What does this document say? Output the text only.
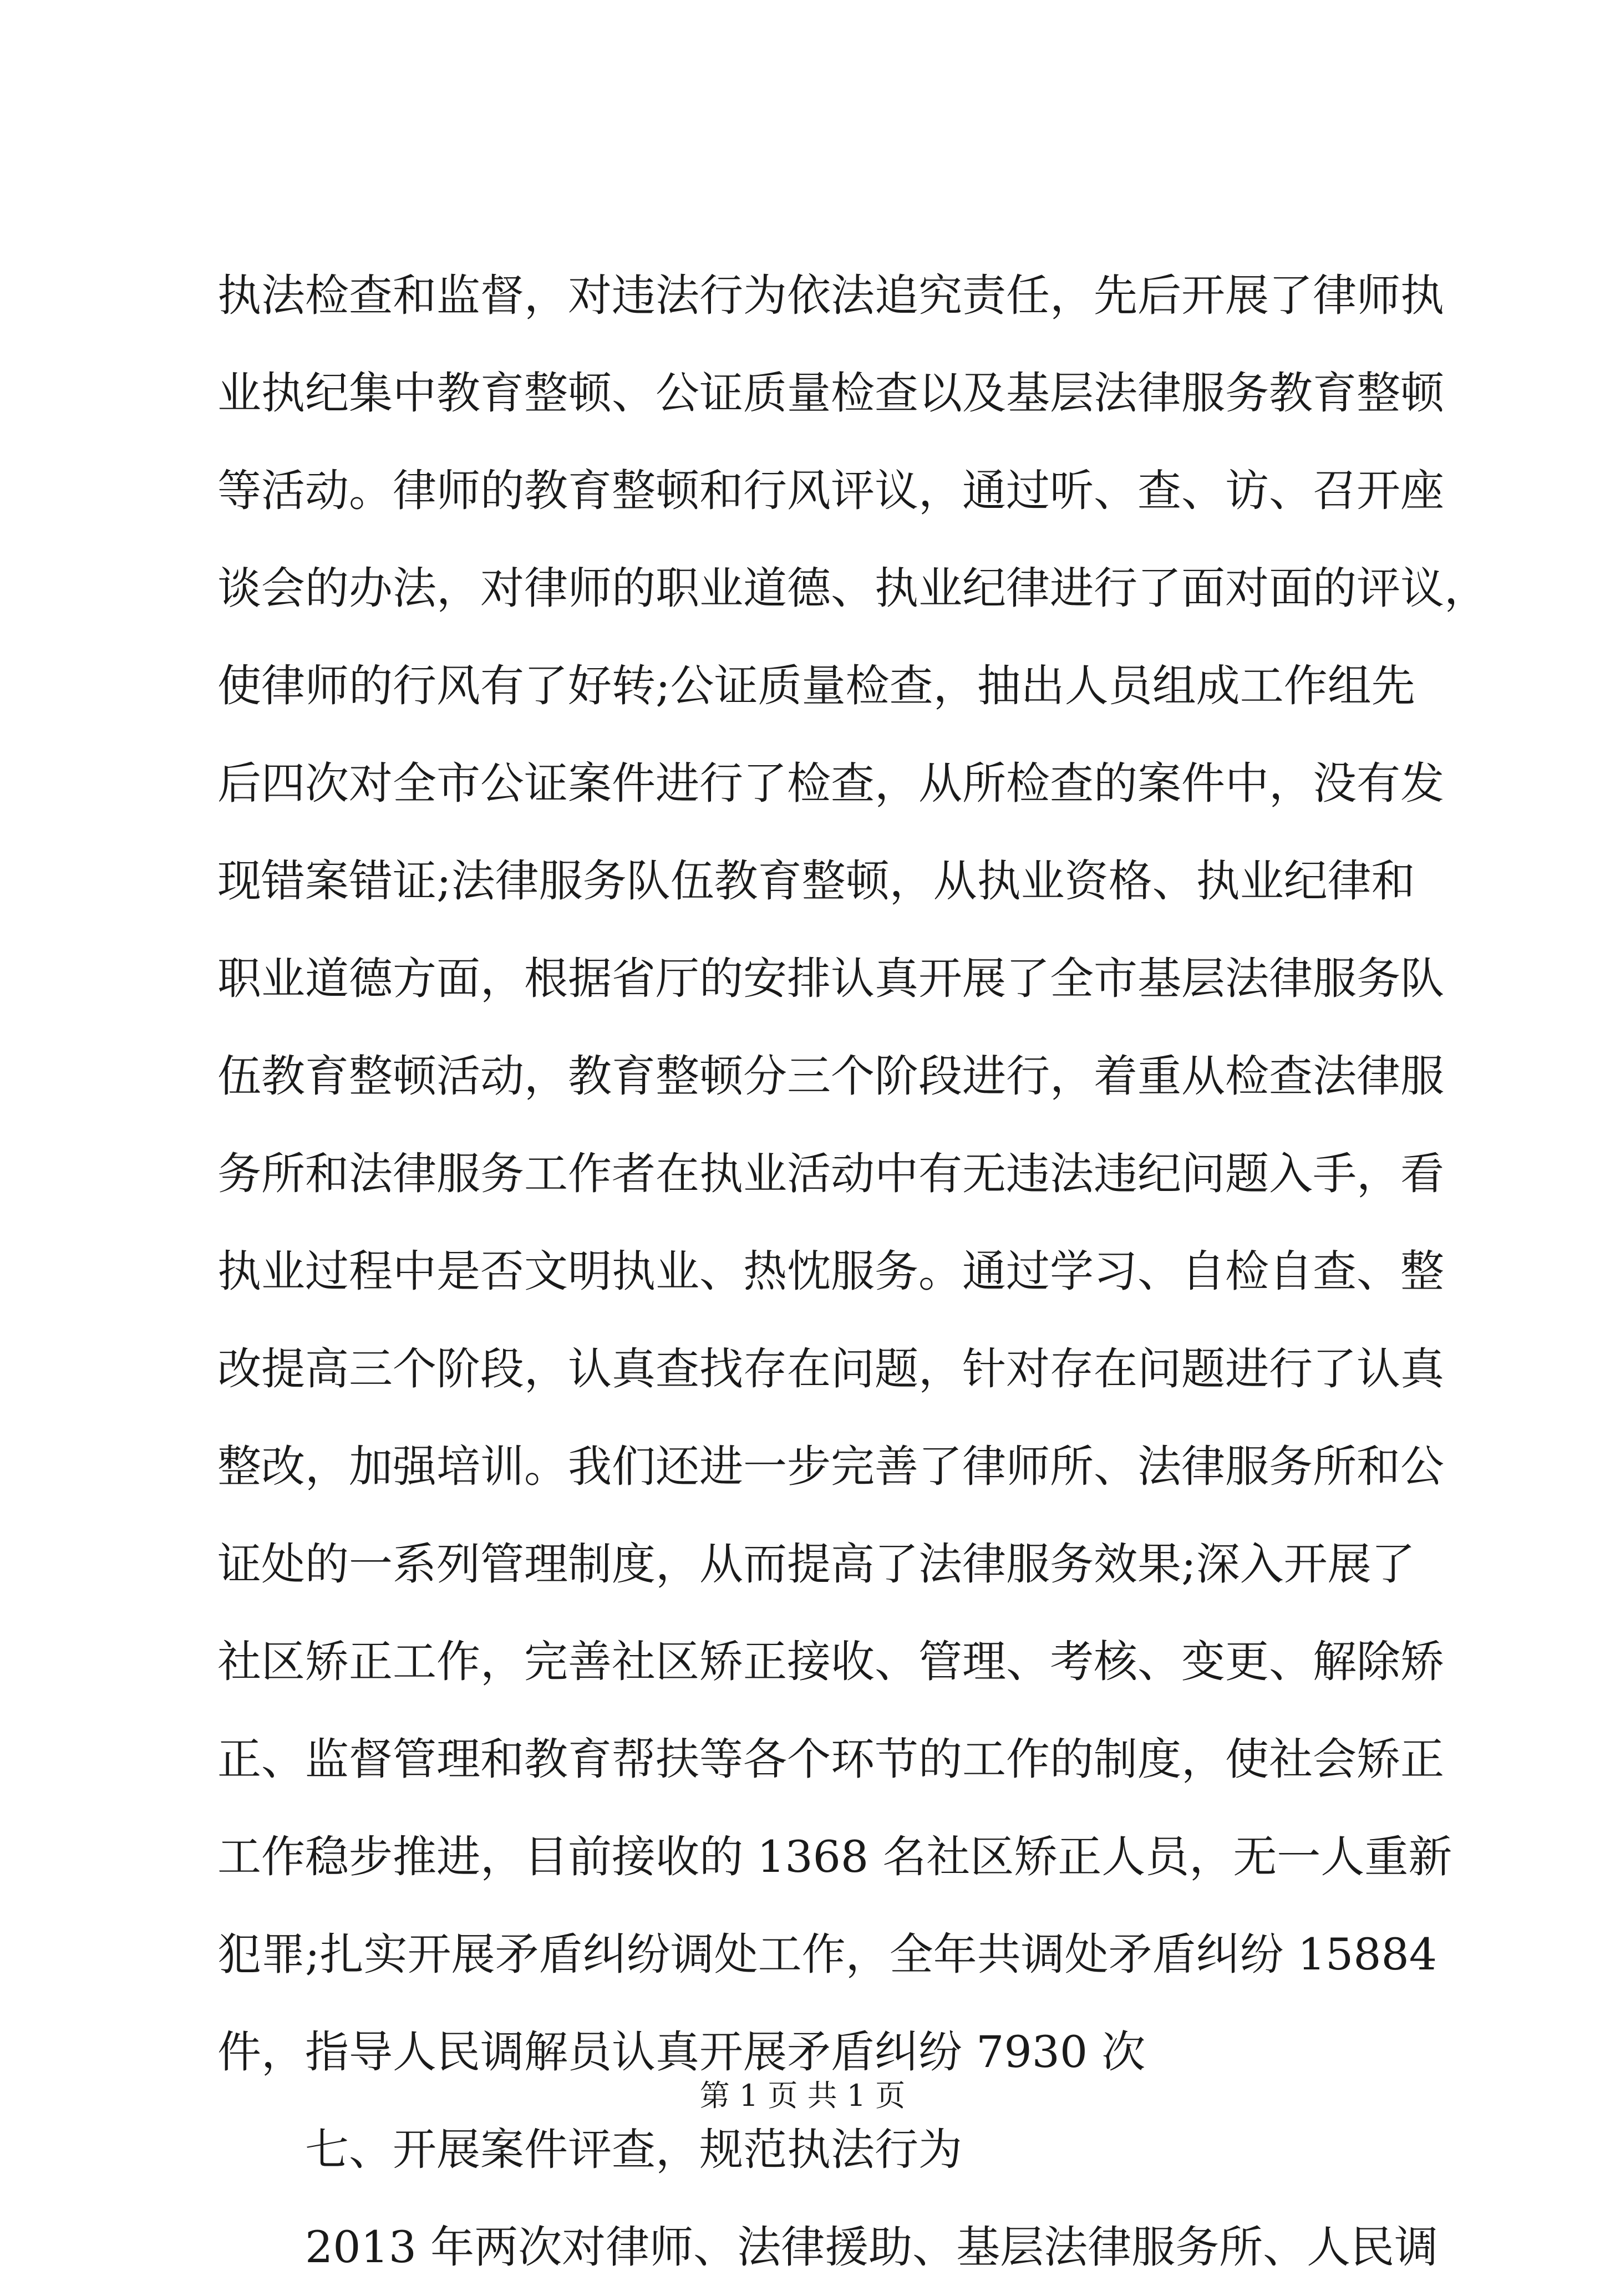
执法检查和监督，对违法行为依法追究责任，先后开展了律师执
业执纪集中教育整顿、公证质量检查以及基层法律服务教育整顿
等活动。律师的教育整顿和行风评议，通过听、查、访、召开座
谈会的办法，对律师的职业道德、执业纪律进行了面对面的评议，
使律师的行风有了好转;公证质量检查，抽出人员组成工作组先
后四次对全市公证案件进行了检查，从所检查的案件中，没有发
现错案错证;法律服务队伍教育整顿，从执业资格、执业纪律和
职业道德方面，根据省厅的安排认真开展了全市基层法律服务队
伍教育整顿活动，教育整顿分三个阶段进行，着重从检查法律服
务所和法律服务工作者在执业活动中有无违法违纪问题入手，看
执业过程中是否文明执业、热忱服务。通过学习、自检自查、整
改提高三个阶段，认真查找存在问题，针对存在问题进行了认真
整改，加强培训。我们还进一步完善了律师所、法律服务所和公
证处的一系列管理制度，从而提高了法律服务效果;深入开展了
社区矫正工作，完善社区矫正接收、管理、考核、变更、解除矫
正、监督管理和教育帮扶等各个环节的工作的制度，使社会矫正
工作稳步推进，目前接收的 1368 名社区矫正人员，无一人重新
犯罪;扎实开展矛盾纠纷调处工作，全年共调处矛盾纠纷 15884
件，指导人民调解员认真开展矛盾纠纷 7930 次
七、开展案件评查，规范执法行为
2013 年两次对律师、法律援助、基层法律服务所、人民调
第 1 页 共 1 页
